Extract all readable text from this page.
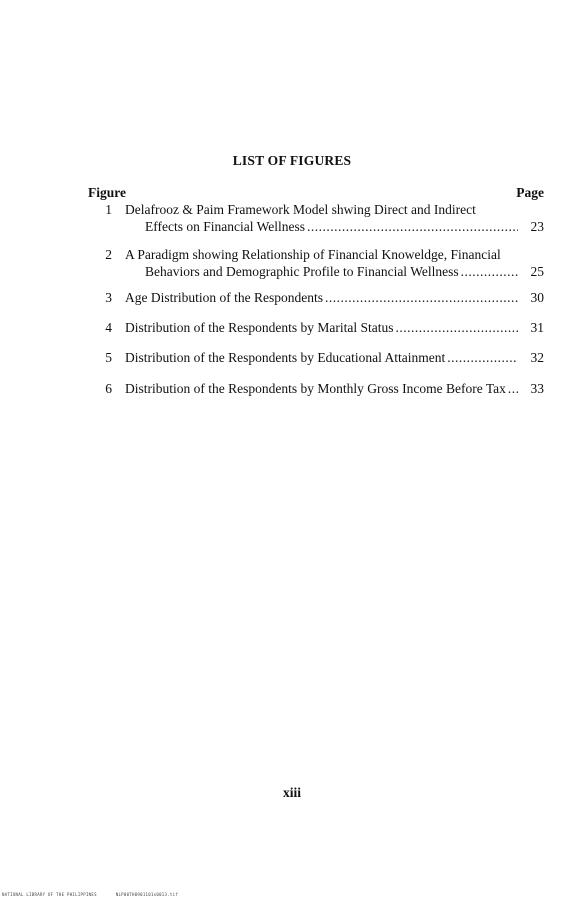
LIST OF FIGURES
Figure	Page
1 Delafrooz & Paim Framework Model shwing Direct and Indirect
Effects on Financial Wellness .....	23
2 A Paradigm showing Relationship of Financial Knoweldge, Financial
Behaviors and Demographic Profile to Financial Wellness .....	25
3 Age Distribution of the Respondents .....	30
4 Distribution of the Respondents by Marital Status .....	31
5 Distribution of the Respondents by Educational Attainment .....	32
6 Distribution of the Respondents by Monthly Gross Income Before Tax .....	33
xiii
NATIONAL LIBRARY OF THE PHILIPPINES	NLP00TH0901101x0013.tif
